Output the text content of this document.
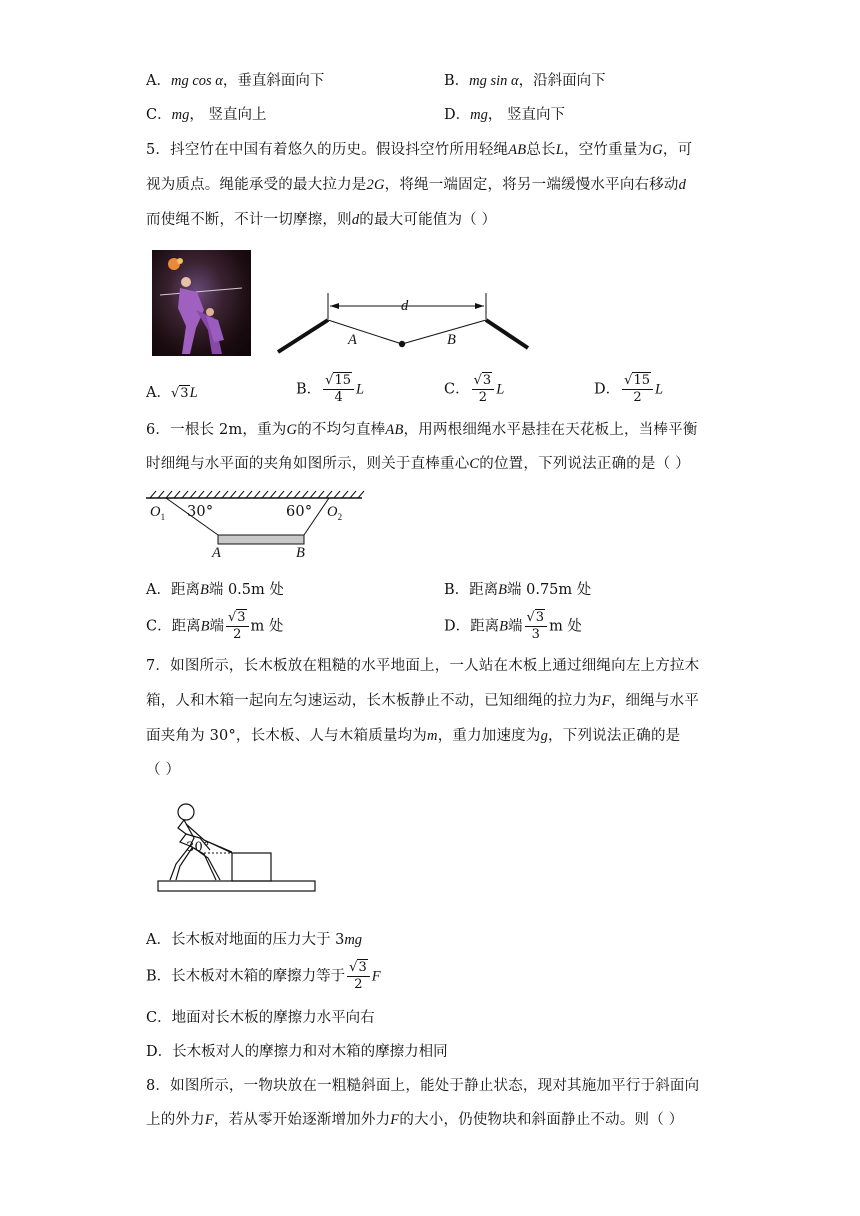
A．mg cos α，垂直斜面向下	B．mg sin α，沿斜面向下
C．mg， 竖直向上	D．mg， 竖直向下
5．抖空竹在中国有着悠久的历史。假设抖空竹所用轻绳AB总长L，空竹重量为G，可
视为质点。绳能承受的最大拉力是2G，将绳一端固定，将另一端缓慢水平向右移动d
而使绳不断，不计一切摩擦，则d的最大可能值为（ ）
d
A	B
A．√3L	B． $\frac{√15}{4}$ L	C． $\frac{√3}{2}$ L	D． $\frac{√15}{2}$ L
6．一根长 2m，重为G的不均匀直棒AB，用两根细绳水平悬挂在天花板上，当棒平衡
时细绳与水平面的夹角如图所示，则关于直棒重心C的位置，下列说法正确的是（ ）
$O_1$ 30°	60° $O_2$
A	B
A．距离B端 0.5m 处	B．距离B端 0.75m 处
C．距离B端 $\frac{√3}{2}$ m 处	D．距离B端 $\frac{√3}{3}$ m 处
7．如图所示，长木板放在粗糙的水平地面上，一人站在木板上通过细绳向左上方拉木
箱，人和木箱一起向左匀速运动，长木板静止不动，已知细绳的拉力为F，细绳与水平
面夹角为 30°，长木板、人与木箱质量均为m，重力加速度为g，下列说法正确的是
（ ）
30°
A．长木板对地面的压力大于 3mg
B．长木板对木箱的摩擦力等于 $\frac{√3}{2}$ F
C．地面对长木板的摩擦力水平向右
D．长木板对人的摩擦力和对木箱的摩擦力相同
8．如图所示，一物块放在一粗糙斜面上，能处于静止状态，现对其施加平行于斜面向
上的外力F，若从零开始逐渐增加外力F的大小，仍使物块和斜面静止不动。则（ ）
